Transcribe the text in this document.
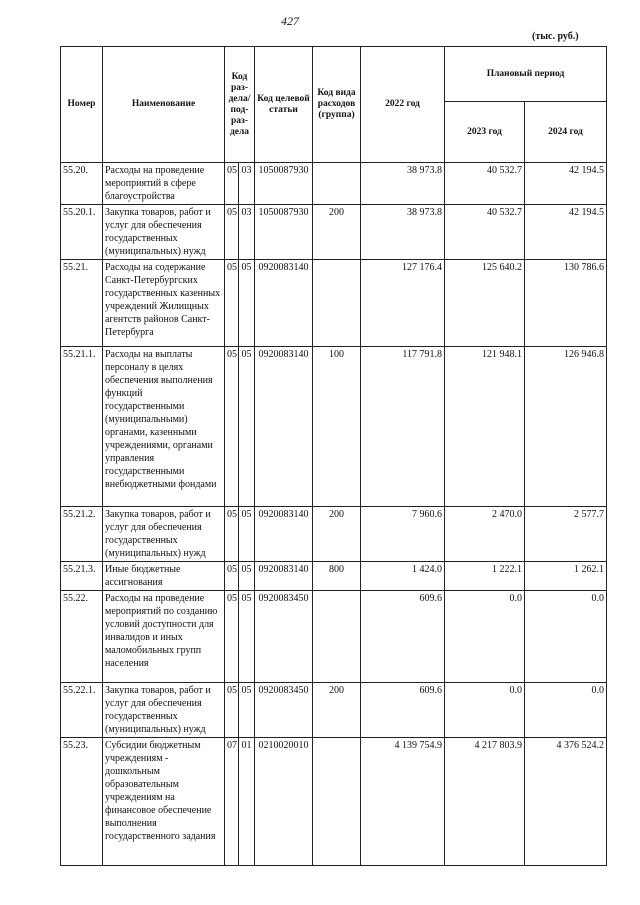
427
(тыс. руб.)
Номер	Наименование	Код раз-дела/ под-раз-дела		Код целевой статьи	Код вида расходов (группа)	2022 год	Плановый период	
							2023 год	2024 год
55.20.	Расходы на проведение мероприятий в сфере благоустройства	05	03	1050087930		38 973.8	40 532.7	42 194.5
55.20.1.	Закупка товаров, работ и услуг для обеспечения государственных (муниципальных) нужд	05	03	1050087930	200	38 973.8	40 532.7	42 194.5
55.21.	Расходы на содержание Санкт-Петербургских государственных казенных учреждений Жилищных агентств районов Санкт-Петербурга	05	05	0920083140		127 176.4	125 640.2	130 786.6
55.21.1.	Расходы на выплаты персоналу в целях обеспечения выполнения функций государственными (муниципальными) органами, казенными учреждениями, органами управления государственными внебюджетными фондами	05	05	0920083140	100	117 791.8	121 948.1	126 946.8
55.21.2.	Закупка товаров, работ и услуг для обеспечения государственных (муниципальных) нужд	05	05	0920083140	200	7 960.6	2 470.0	2 577.7
55.21.3.	Иные бюджетные ассигнования	05	05	0920083140	800	1 424.0	1 222.1	1 262.1
55.22.	Расходы на проведение мероприятий по созданию условий доступности для инвалидов и иных маломобильных групп населения	05	05	0920083450		609.6	0.0	0.0
55.22.1.	Закупка товаров, работ и услуг для обеспечения государственных (муниципальных) нужд	05	05	0920083450	200	609.6	0.0	0.0
55.23.	Субсидии бюджетным учреждениям - дошкольным образовательным учреждениям на финансовое обеспечение выполнения государственного задания	07	01	0210020010		4 139 754.9	4 217 803.9	4 376 524.2
